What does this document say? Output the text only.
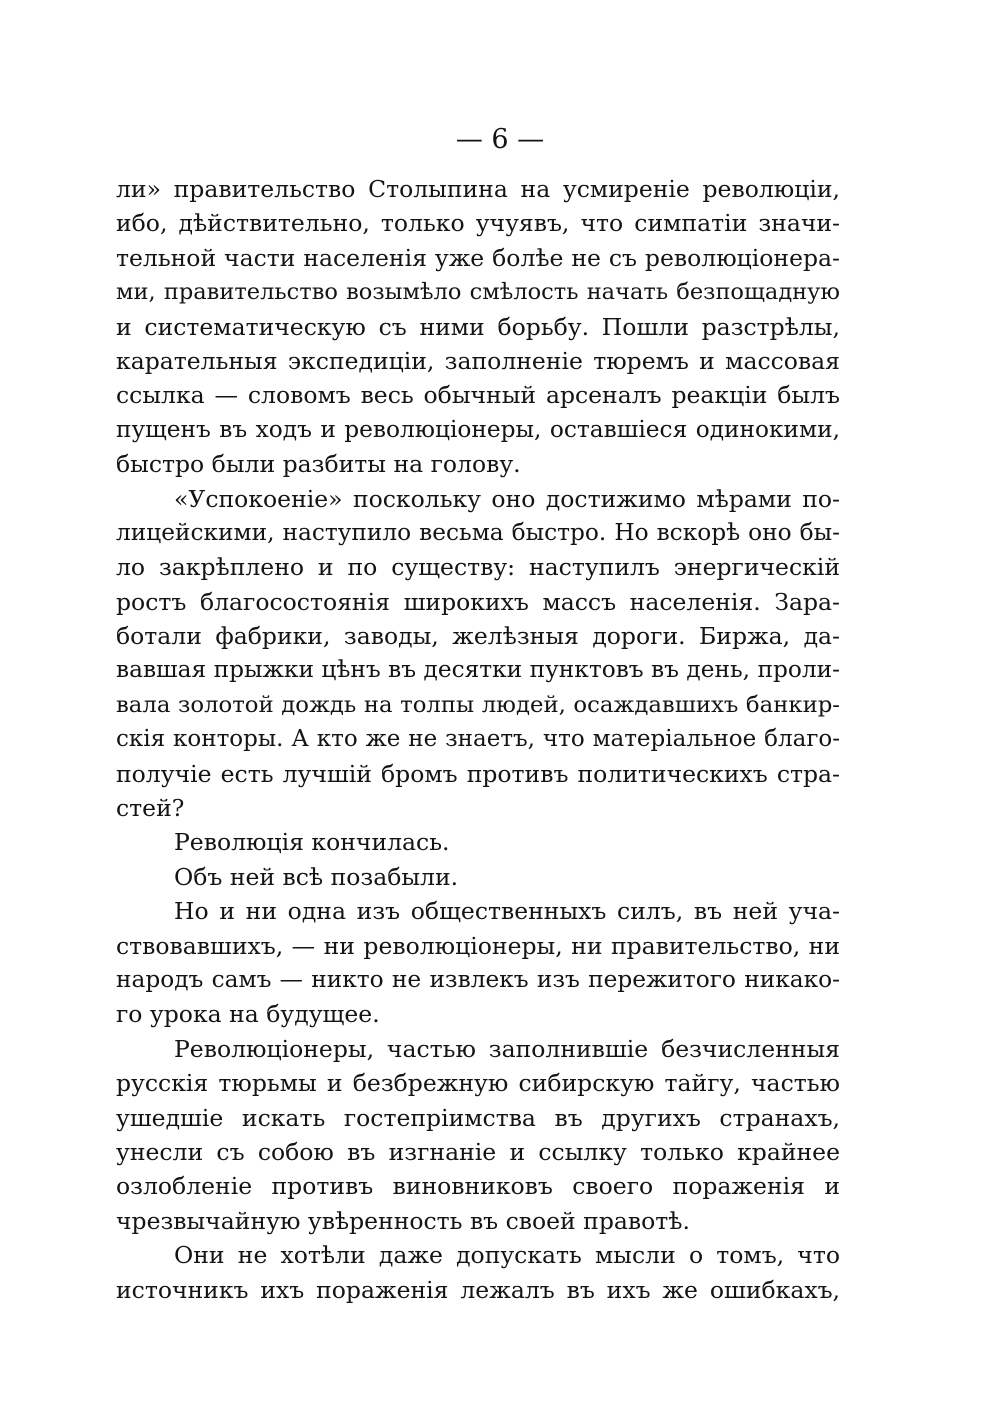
— 6 —
ли» правительство Столыпина на усмиреніе революціи,
ибо, дѣйствительно, только учуявъ, что симпатіи значи-
тельной части населенія уже болѣе не съ революціонера-
ми, правительство возымѣло смѣлость начать безпощадную
и систематическую съ ними борьбу. Пошли разстрѣлы,
карательныя экспедиціи, заполненіе тюремъ и массовая
ссылка — словомъ весь обычный арсеналъ реакціи былъ
пущенъ въ ходъ и революціонеры, оставшіеся одинокими,
быстро были разбиты на голову.
«Успокоеніе» поскольку оно достижимо мѣрами по-
лицейскими, наступило весьма быстро. Но вскорѣ оно бы-
ло закрѣплено и по существу: наступилъ энергическій
ростъ благосостоянія широкихъ массъ населенія. Зара-
ботали фабрики, заводы, желѣзныя дороги. Биржа, да-
вавшая прыжки цѣнъ въ десятки пунктовъ въ день, проли-
вала золотой дождь на толпы людей, осаждавшихъ банкир-
скія конторы. А кто же не знаетъ, что матеріальное благо-
получіе есть лучшій бромъ противъ политическихъ стра-
стей?
Революція кончилась.
Объ ней всѣ позабыли.
Но и ни одна изъ общественныхъ силъ, въ ней уча-
ствовавшихъ, — ни революціонеры, ни правительство, ни
народъ самъ — никто не извлекъ изъ пережитого никако-
го урока на будущее.
Революціонеры, частью заполнившіе безчисленныя
русскія тюрьмы и безбрежную сибирскую тайгу, частью
ушедшіе искать гостепріимства въ другихъ странахъ,
унесли съ собою въ изгнаніе и ссылку только крайнее
озлобленіе противъ виновниковъ своего пораженія и
чрезвычайную увѣренность въ своей правотѣ.
Они не хотѣли даже допускать мысли о томъ, что
источникъ ихъ пораженія лежалъ въ ихъ же ошибкахъ,
